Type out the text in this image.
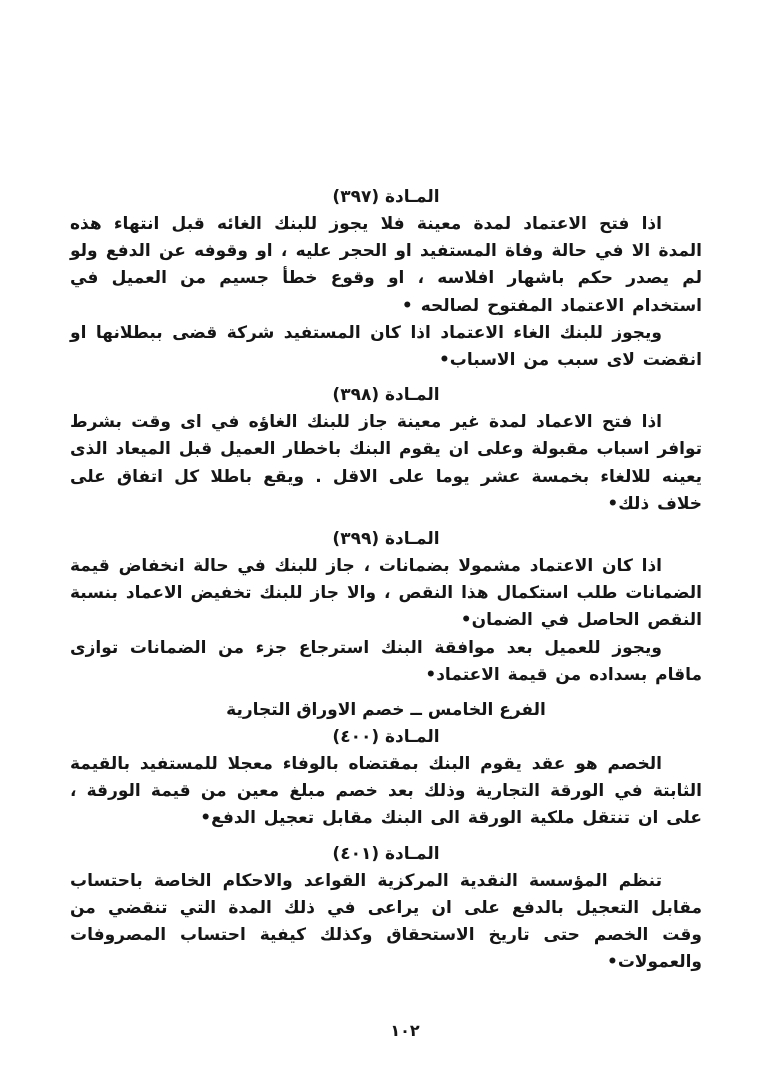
المـادة (٣٩٧)

اذا فتح الاعتماد لمدة معينة فلا يجوز للبنك الغائه قبل انتهاء هذه المدة الا في حالة وفاة المستفيد او الحجر عليه ، او وقوفه عن الدفع ولو لم يصدر حكم باشهار افلاسه ، او وقوع خطأ جسيم من العميل في استخدام الاعتماد المفتوح لصالحه •

ويجوز للبنك الغاء الاعتماد اذا كان المستفيد شركة قضى ببطلانها او انقضت لاى سبب من الاسباب•

المـادة (٣٩٨)

اذا فتح الاعماد لمدة غير معينة جاز للبنك الغاؤه في اى وقت بشرط توافر اسباب مقبولة وعلى ان يقوم البنك باخطار العميل قبل الميعاد الذى يعينه للالغاء بخمسة عشر يوما على الاقل . ويقع باطلا كل اتفاق على خلاف ذلك•

المـادة (٣٩٩)

اذا كان الاعتماد مشمولا بضمانات ، جاز للبنك في حالة انخفاض قيمة الضمانات طلب استكمال هذا النقص ، والا جاز للبنك تخفيض الاعماد بنسبة النقص الحاصل في الضمان•

ويجوز للعميل بعد موافقة البنك استرجاع جزء من الضمانات توازى ماقام بسداده من قيمة الاعتماد•

الفرع الخامس ــ خصم الاوراق التجارية
المـادة (٤٠٠)

الخصم هو عقد يقوم البنك بمقتضاه بالوفاء معجلا للمستفيد بالقيمة الثابتة في الورقة التجارية وذلك بعد خصم مبلغ معين من قيمة الورقة ، على ان تنتقل ملكية الورقة الى البنك مقابل تعجيل الدفع•

المـادة (٤٠١)

تنظم المؤسسة النقدية المركزية القواعد والاحكام الخاصة باحتساب مقابل التعجيل بالدفع على ان يراعى في ذلك المدة التي تنقضي من وقت الخصم حتى تاريخ الاستحقاق وكذلك كيفية احتساب المصروفات والعمولات•

١٠٢
